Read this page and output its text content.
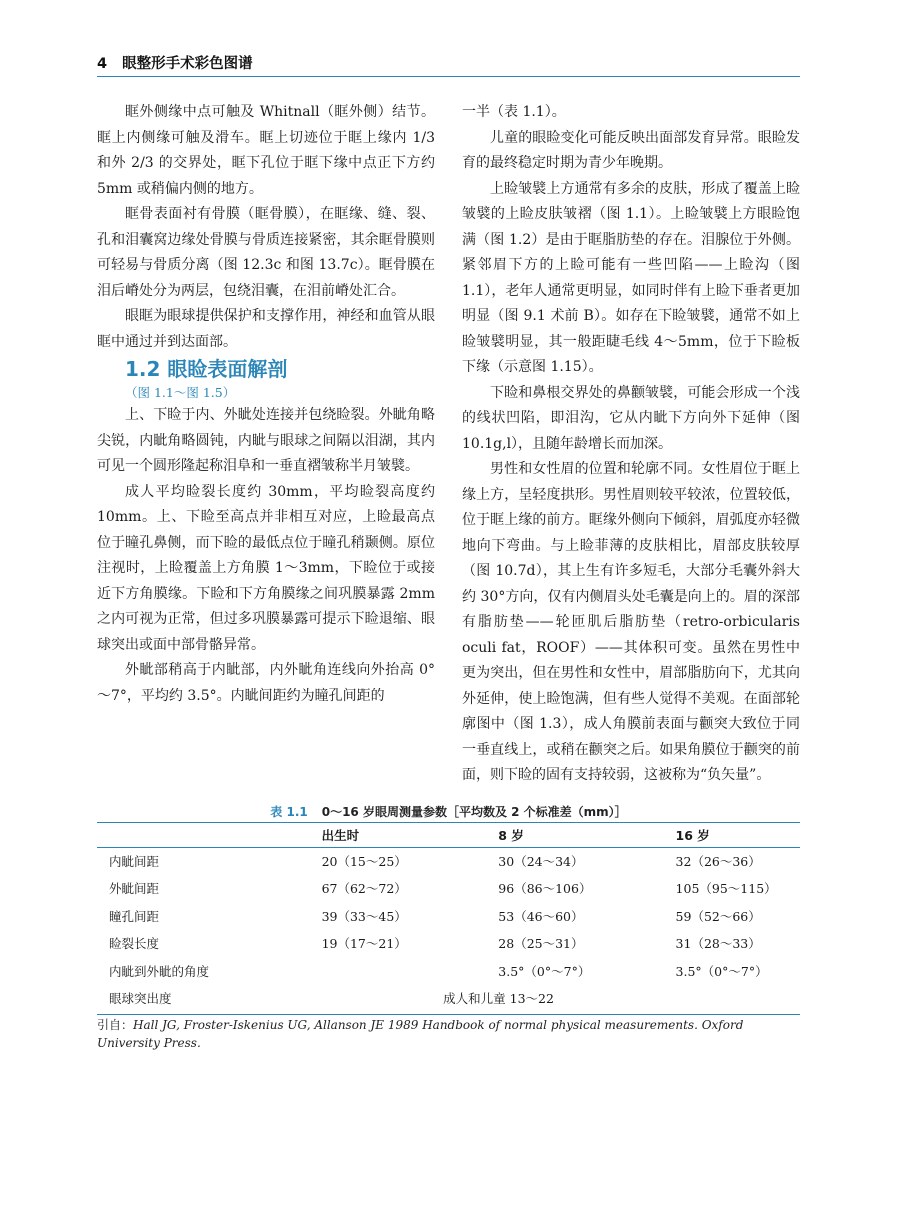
4 眼整形手术彩色图谱

眶外侧缘中点可触及 Whitnall（眶外侧）结节。眶上内侧缘可触及滑车。眶上切迹位于眶上缘内 1/3 和外 2/3 的交界处，眶下孔位于眶下缘中点正下方约 5mm 或稍偏内侧的地方。

眶骨表面衬有骨膜（眶骨膜），在眶缘、缝、裂、孔和泪囊窝边缘处骨膜与骨质连接紧密，其余眶骨膜则可轻易与骨质分离（图 12.3c 和图 13.7c）。眶骨膜在泪后嵴处分为两层，包绕泪囊，在泪前嵴处汇合。

眼眶为眼球提供保护和支撑作用，神经和血管从眼眶中通过并到达面部。

1.2 眼睑表面解剖

（图 1.1～图 1.5）

上、下睑于内、外眦处连接并包绕睑裂。外眦角略尖锐，内眦角略圆钝，内眦与眼球之间隔以泪湖，其内可见一个圆形隆起称泪阜和一垂直褶皱称半月皱襞。

成人平均睑裂长度约 30mm，平均睑裂高度约 10mm。上、下睑至高点并非相互对应，上睑最高点位于瞳孔鼻侧，而下睑的最低点位于瞳孔稍颞侧。原位注视时，上睑覆盖上方角膜 1～3mm，下睑位于或接近下方角膜缘。下睑和下方角膜缘之间巩膜暴露 2mm 之内可视为正常，但过多巩膜暴露可提示下睑退缩、眼球突出或面中部骨骼异常。

外眦部稍高于内眦部，内外眦角连线向外抬高 0°～7°，平均约 3.5°。内眦间距约为瞳孔间距的

一半（表 1.1）。

儿童的眼睑变化可能反映出面部发育异常。眼睑发育的最终稳定时期为青少年晚期。

上睑皱襞上方通常有多余的皮肤，形成了覆盖上睑皱襞的上睑皮肤皱褶（图 1.1）。上睑皱襞上方眼睑饱满（图 1.2）是由于眶脂肪垫的存在。泪腺位于外侧。紧邻眉下方的上睑可能有一些凹陷——上睑沟（图 1.1），老年人通常更明显，如同时伴有上睑下垂者更加明显（图 9.1 术前 B）。如存在下睑皱襞，通常不如上睑皱襞明显，其一般距睫毛线 4～5mm，位于下睑板下缘（示意图 1.15）。

下睑和鼻根交界处的鼻颧皱襞，可能会形成一个浅的线状凹陷，即泪沟，它从内眦下方向外下延伸（图 10.1g,l），且随年龄增长而加深。

男性和女性眉的位置和轮廓不同。女性眉位于眶上缘上方，呈轻度拱形。男性眉则较平较浓，位置较低，位于眶上缘的前方。眶缘外侧向下倾斜，眉弧度亦轻微地向下弯曲。与上睑菲薄的皮肤相比，眉部皮肤较厚（图 10.7d），其上生有许多短毛，大部分毛囊外斜大约 30°方向，仅有内侧眉头处毛囊是向上的。眉的深部有脂肪垫——轮匝肌后脂肪垫（retro-orbicularis oculi fat，ROOF）——其体积可变。虽然在男性中更为突出，但在男性和女性中，眉部脂肪向下，尤其向外延伸，使上睑饱满，但有些人觉得不美观。在面部轮廓图中（图 1.3），成人角膜前表面与颧突大致位于同一垂直线上，或稍在颧突之后。如果角膜位于颧突的前面，则下睑的固有支持较弱，这被称为“负矢量”。

表 1.1 0～16 岁眼周测量参数［平均数及 2 个标准差（mm）］
	出生时	8 岁	16 岁
内眦间距	20（15～25）	30（24～34）	32（26～36）
外眦间距	67（62～72）	96（86～106）	105（95～115）
瞳孔间距	39（33～45）	53（46～60）	59（52～66）
睑裂长度	19（17～21）	28（25～31）	31（28～33）
内眦到外眦的角度		3.5°（0°～7°）	3.5°（0°～7°）
眼球突出度	成人和儿童 13～22		
引自：Hall JG, Froster-Iskenius UG, Allanson JE 1989 Handbook of normal physical measurements. Oxford University Press.
